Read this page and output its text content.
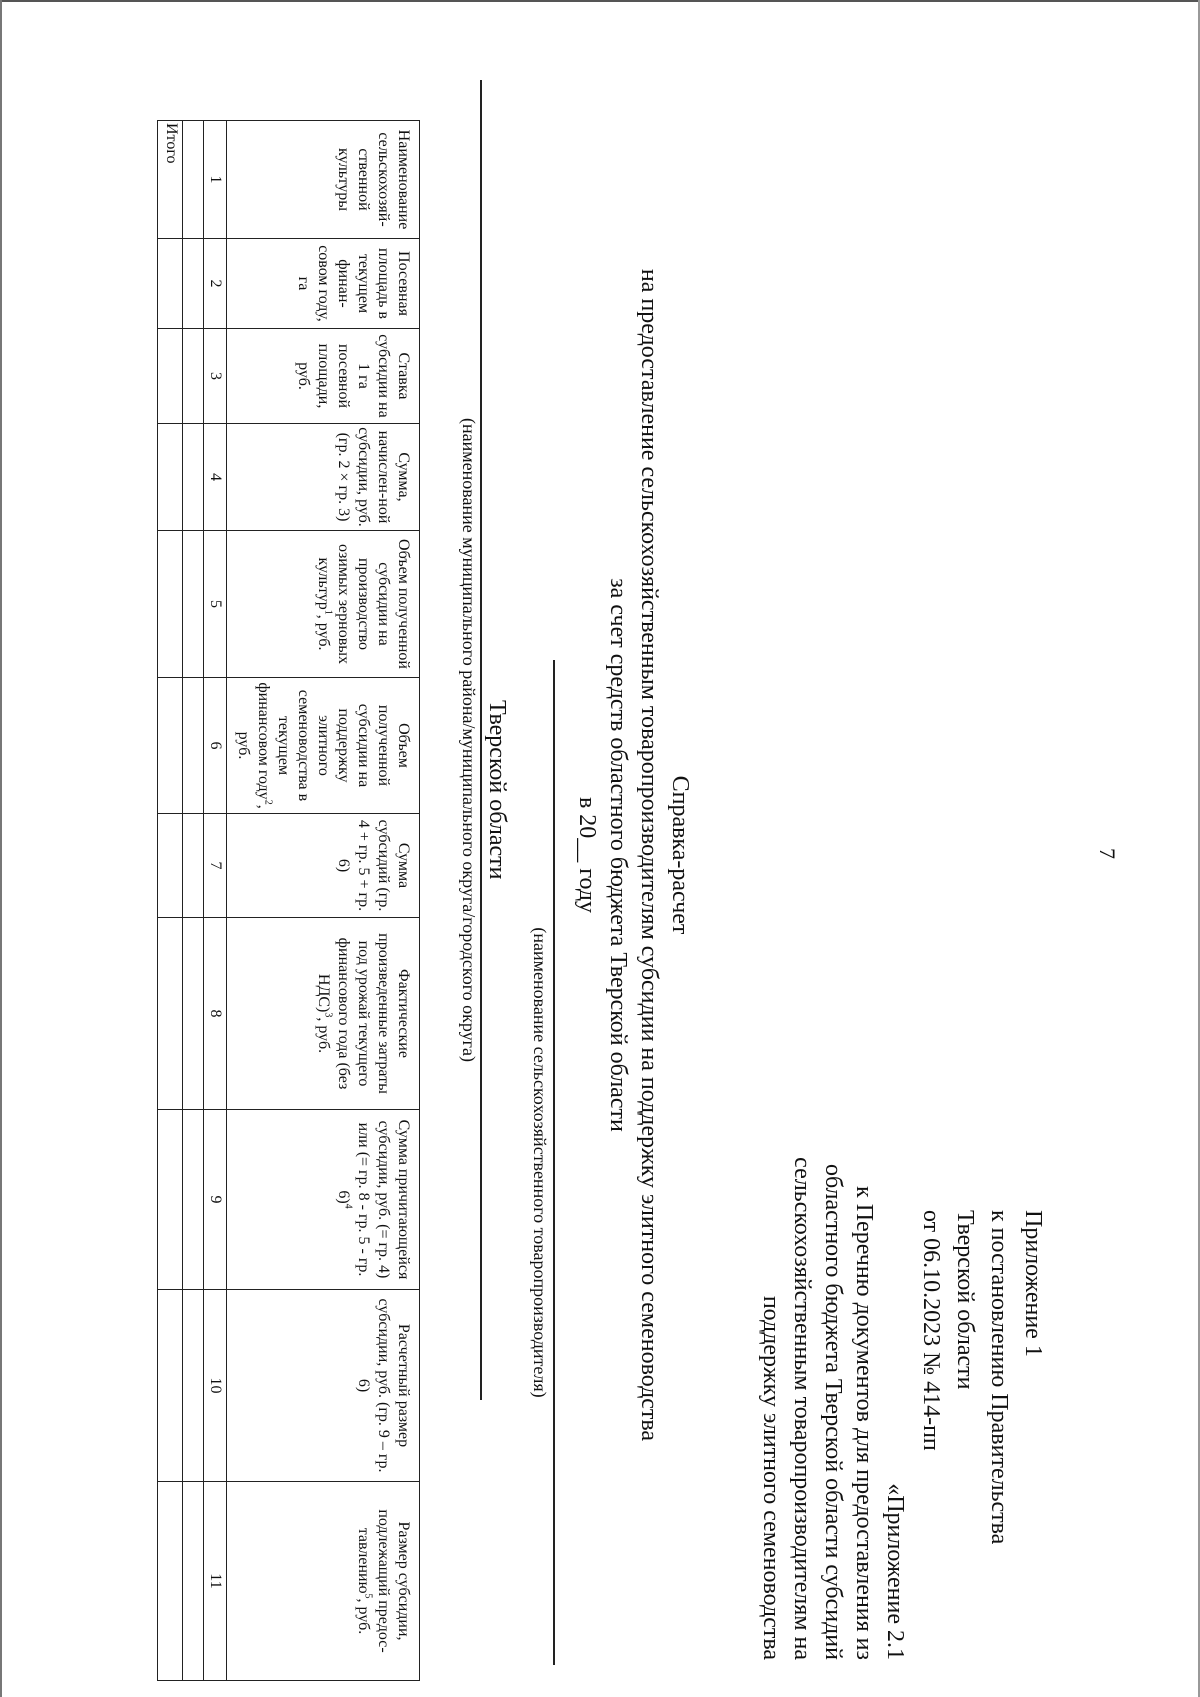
7
Приложение 1
к постановлению Правительства
Тверской области
от 06.10.2023 № 414-пп
«Приложение 2.1
к Перечню документов для предоставления из
областного бюджета Тверской области субсидий
сельскохозяйственным товаропроизводителям на
поддержку элитного семеноводства
Справка-расчет
на предоставление сельскохозяйственным товаропроизводителям субсидии на поддержку элитного семеноводства
за счет средств областного бюджета Тверской области
в 20__ году
(наименование сельскохозяйственного товаропроизводителя)
Тверской области
(наименование муниципального района/муниципального округа/городского округа)
Наименование сельскохозяй-ственной культуры	Посевная площадь в текущем финан-совом году, га	Ставка субсидии на 1 га посевной площади, руб.	Сумма, начислен-ной субсидии, руб. (гр. 2 × гр. 3)	Объем полученной субсидии на производство озимых зерновых культур$^1$, руб.	Объем полученной субсидии на поддержку элитного семеноводства в текущем финансовом году$^2$, руб.	Сумма субсидий (гр. 4 + гр. 5 + гр. 6)	Фактические произведенные затраты под урожай текущего финансового года (без НДС)$^3$, руб.	Сумма причитающейся субсидии, руб. (= гр. 4) или (= гр. 8 - гр. 5 - гр. 6)$^4$	Расчетный размер субсидии, руб. (гр. 9 – гр. 6)	Размер субсидии, подлежащий предос-тавлению$^5$, руб.
1	2	3	4	5	6	7	8	9	10	11

Итого										
